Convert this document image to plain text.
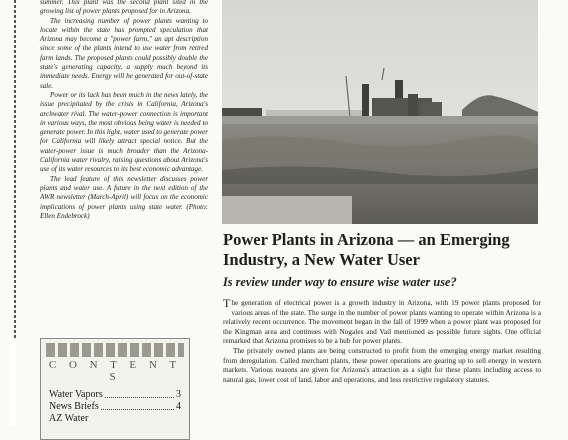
summer. This plant was the second plant sited in the growing list of power plants proposed for in Arizona.

The increasing number of power plants wanting to locate within the state has prompted speculation that Arizona may become a "power farm," an apt description since some of the plants intend to use water from retired farm lands. The proposed plants could possibly double the state's generating capacity, a supply much beyond its immediate needs. Energy will be generated for out-of-state sale.

Power or its lack has been much in the news lately, the issue precipitated by the crisis in California, Arizona's archwater rival. The water-power connection is important in various ways, the most obvious being water is needed to generate power. In this light, water used to generate power for California will likely attract special notice. But the water-power issue is much broader than the Arizona-California water rivalry, raising questions about Arizona's use of its water resources to its best economic advantage.

The lead feature of this newsletter discusses power plants and water use. A future in the next edition of the AWR newsletter (March-April) will focus on the economic implications of power plants using state water. (Photo: Ellen Endebrock)

C O N T E N T S
Water Vapors	3
News Briefs	4
AZ Water
Power Plants in Arizona — an Emerging Industry, a New Water User
Is review under way to ensure wise water use?

The generation of electrical power is a growth industry in Arizona, with 19 power plants proposed for various areas of the state. The surge in the number of power plants wanting to operate within Arizona is a relatively recent occurrence. The movement began in the fall of 1999 when a power plant was proposed for the Kingman area and continues with Nogales and Vail mentioned as possible future sights. One official remarked that Arizona promises to be a hub for power plants.

The privately owned plants are being constructed to profit from the emerging energy market resulting from deregulation. Called merchant plants, these power operations are gearing up to sell energy in western markets. Various reasons are given for Arizona's attraction as a sight for these plants including access to natural gas, lower cost of land, labor and operations, and less restrictive regulatory statutes.
